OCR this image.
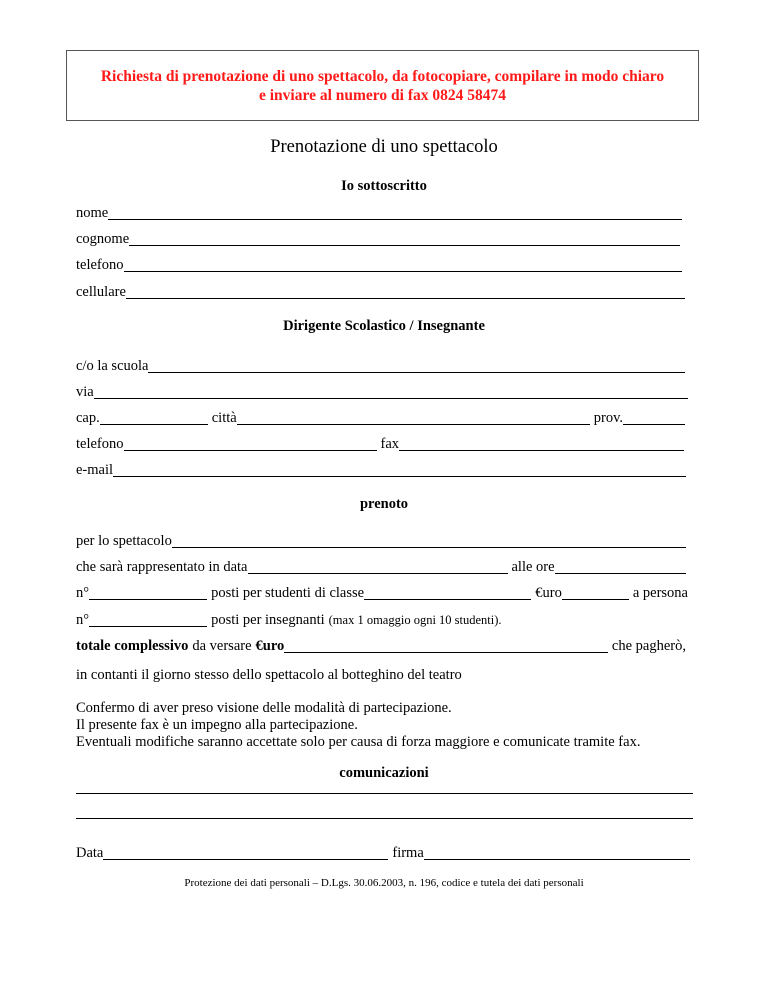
Richiesta di prenotazione di uno spettacolo, da fotocopiare, compilare in modo chiaro
e inviare al numero di fax 0824 58474
Prenotazione di uno spettacolo
Io sottoscritto
nome
cognome
telefono
cellulare
Dirigente Scolastico / Insegnante
c/o la scuola
via
cap.	città	prov.
telefono	fax
e-mail
prenoto
per lo spettacolo
che sarà rappresentato in data	alle ore
n°	posti per studenti di classe	€uro	a persona
n°	posti per insegnanti (max 1 omaggio ogni 10 studenti).
totale complessivo da versare €uro	che pagherò,
in contanti il giorno stesso dello spettacolo al botteghino del teatro
Confermo di aver preso visione delle modalità di partecipazione.
Il presente fax è un impegno alla partecipazione.
Eventuali modifiche saranno accettate solo per causa di forza maggiore e comunicate tramite fax.
comunicazioni
Data	firma
Protezione dei dati personali – D.Lgs. 30.06.2003, n. 196, codice e tutela dei dati personali
